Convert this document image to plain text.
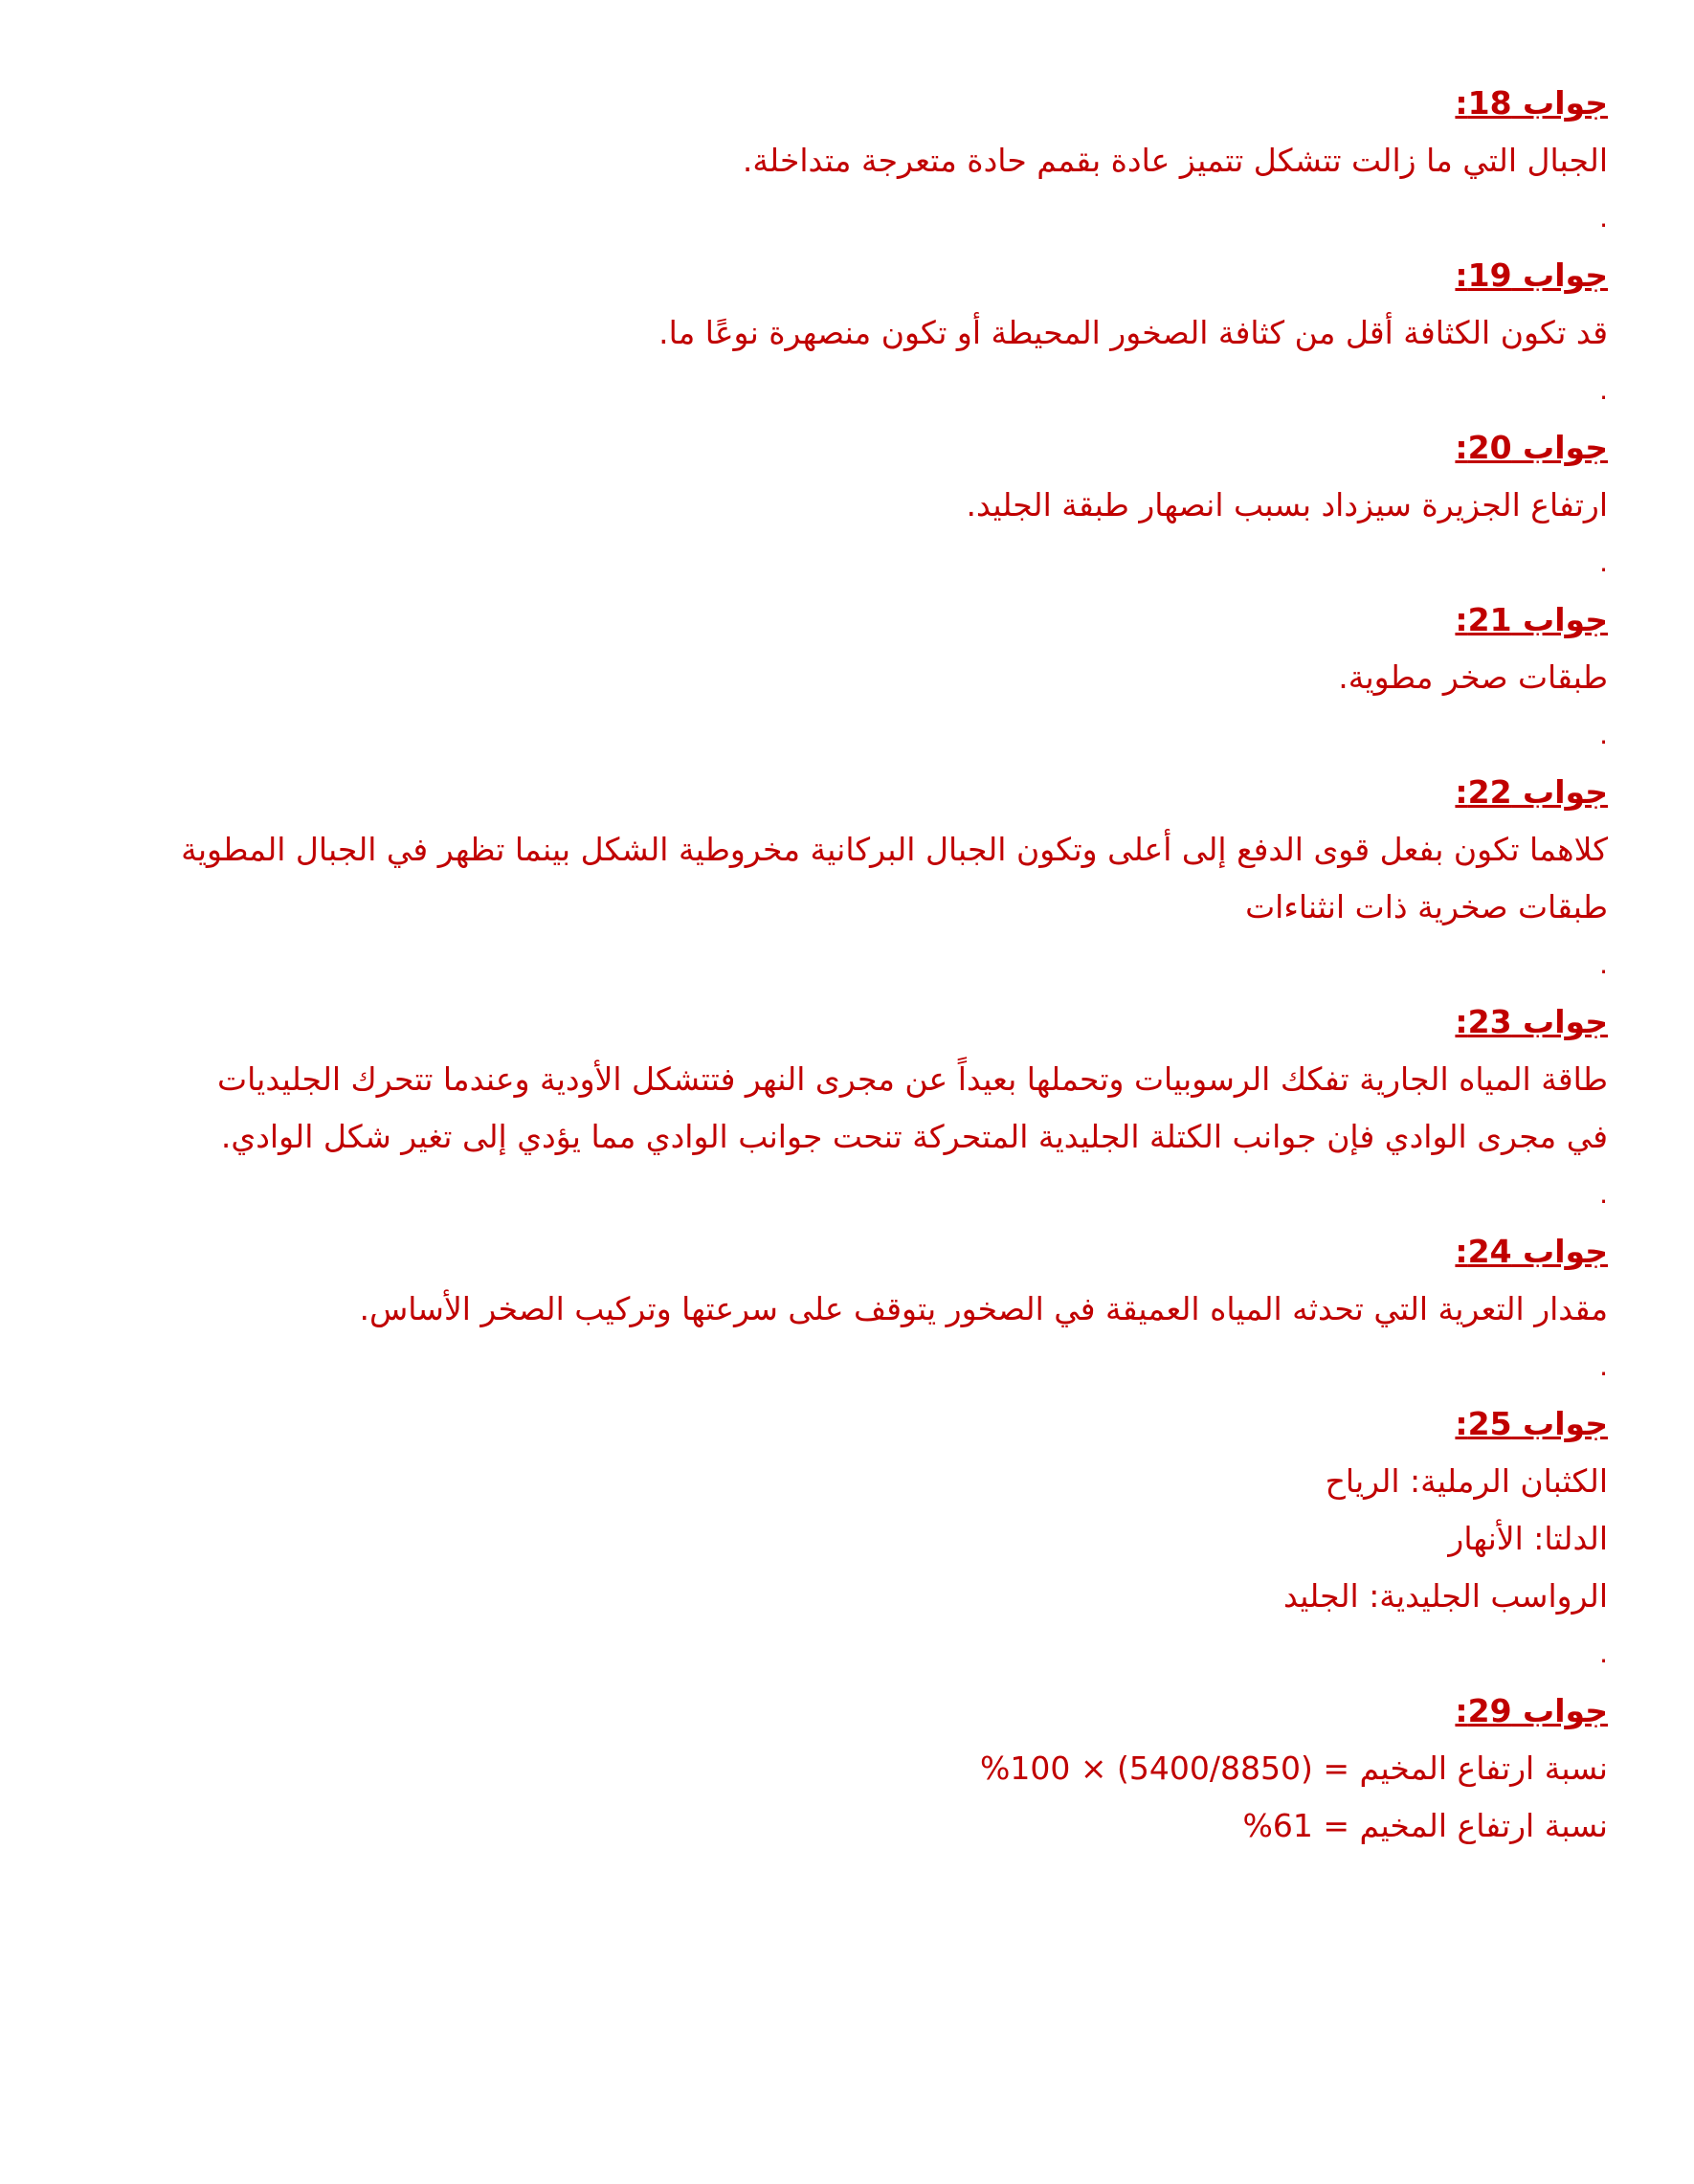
جواب 18:
الجبال التي ما زالت تتشكل تتميز عادة بقمم حادة متعرجة متداخلة.
.
جواب 19:
قد تكون الكثافة أقل من كثافة الصخور المحيطة أو تكون منصهرة نوعًا ما.
.
جواب 20:
ارتفاع الجزيرة سيزداد بسبب انصهار طبقة الجليد.
.
جواب 21:
طبقات صخر مطوية.
.
جواب 22:
كلاهما تكون بفعل قوى الدفع إلى أعلى وتكون الجبال البركانية مخروطية الشكل بينما تظهر في الجبال المطوية
طبقات صخرية ذات انثناءات
.
جواب 23:
طاقة المياه الجارية تفكك الرسوبيات وتحملها بعيداً عن مجرى النهر فتتشكل الأودية وعندما تتحرك الجليديات
في مجرى الوادي فإن جوانب الكتلة الجليدية المتحركة تنحت جوانب الوادي مما يؤدي إلى تغير شكل الوادي.
.
جواب 24:
مقدار التعرية التي تحدثه المياه العميقة في الصخور يتوقف على سرعتها وتركيب الصخر الأساس.
.
جواب 25:
الكثبان الرملية: الرياح
الدلتا: الأنهار
الرواسب الجليدية: الجليد
.
جواب 29:
نسبة ارتفاع المخيم = (5400/8850) × 100%
نسبة ارتفاع المخيم = 61%
